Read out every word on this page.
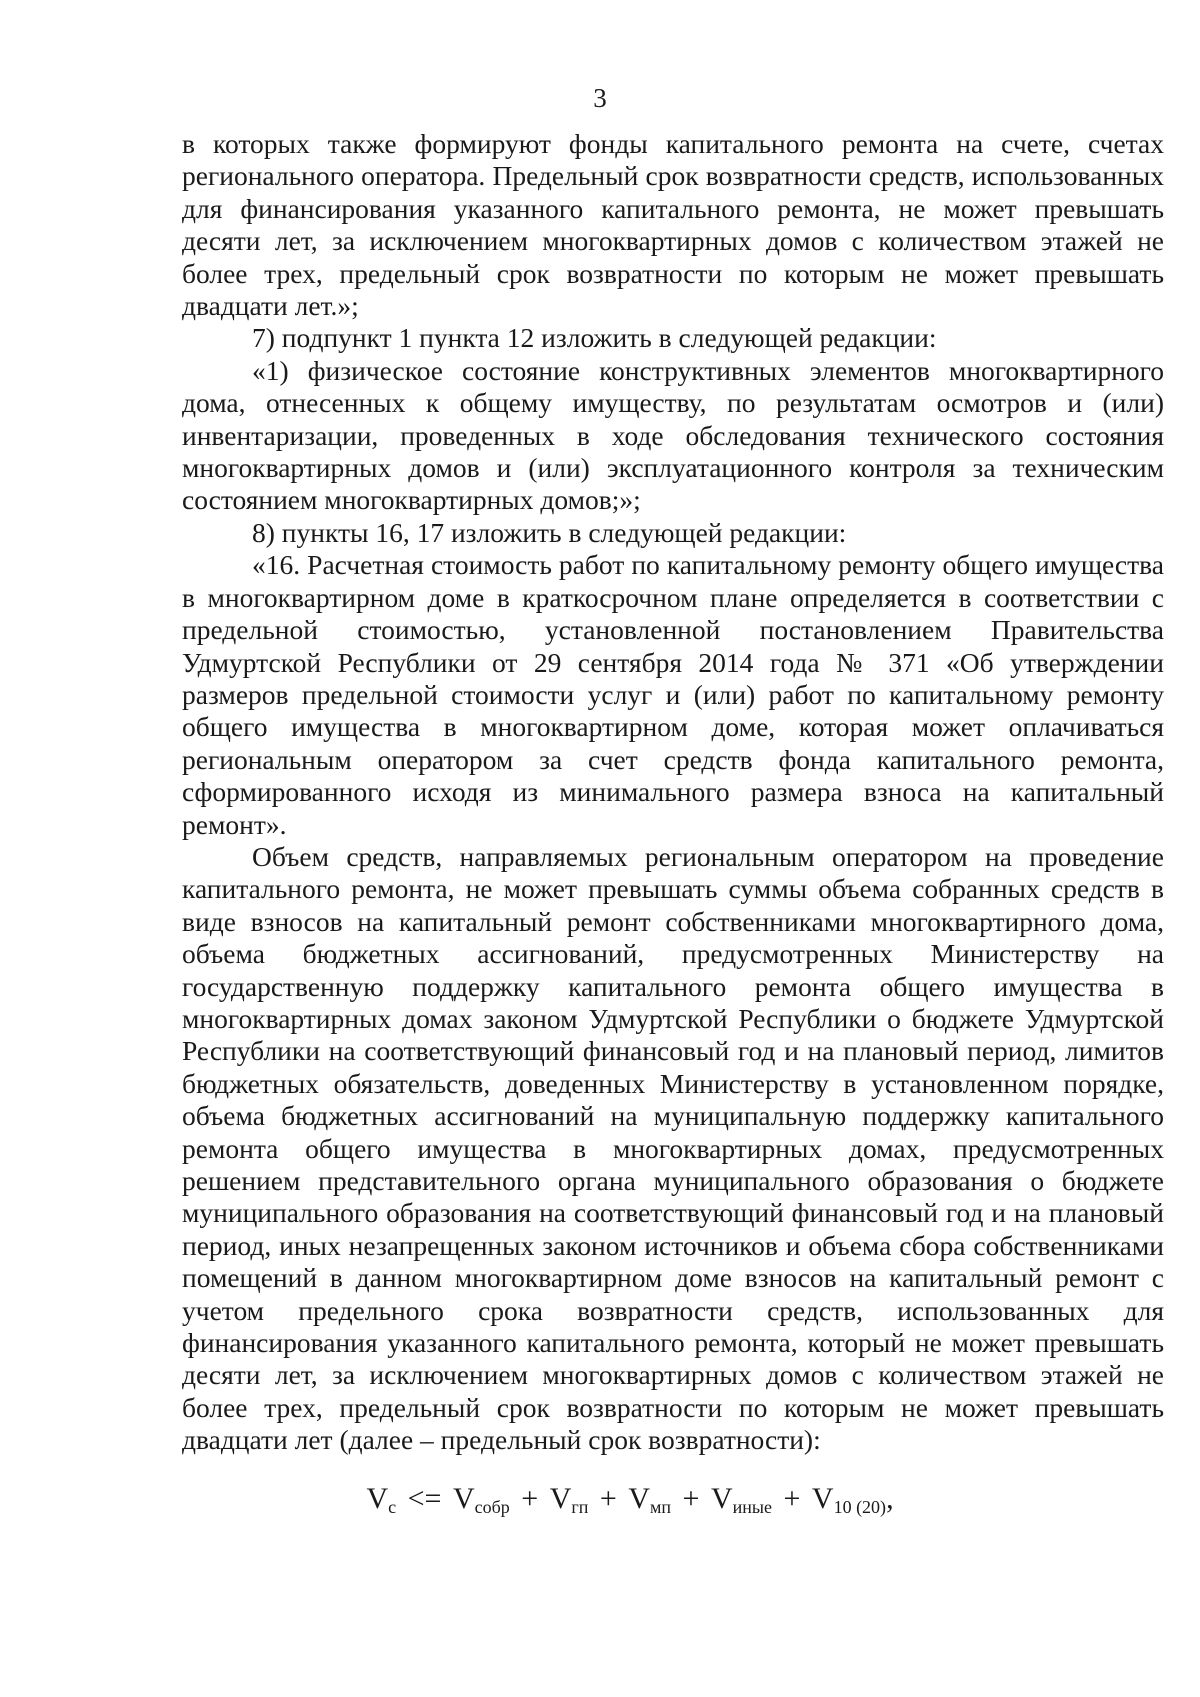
3

в которых также формируют фонды капитального ремонта на счете, счетах регионального оператора. Предельный срок возвратности средств, использованных для финансирования указанного капитального ремонта, не может превышать десяти лет, за исключением многоквартирных домов с количеством этажей не более трех, предельный срок возвратности по которым не может превышать двадцати лет.»;

7) подпункт 1 пункта 12 изложить в следующей редакции:

«1) физическое состояние конструктивных элементов многоквартирного дома, отнесенных к общему имуществу, по результатам осмотров и (или) инвентаризации, проведенных в ходе обследования технического состояния многоквартирных домов и (или) эксплуатационного контроля за техническим состоянием многоквартирных домов;»;

8) пункты 16, 17 изложить в следующей редакции:

«16. Расчетная стоимость работ по капитальному ремонту общего имущества в многоквартирном доме в краткосрочном плане определяется в соответствии с предельной стоимостью, установленной постановлением Правительства Удмуртской Республики от 29 сентября 2014 года № 371 «Об утверждении размеров предельной стоимости услуг и (или) работ по капитальному ремонту общего имущества в многоквартирном доме, которая может оплачиваться региональным оператором за счет средств фонда капитального ремонта, сформированного исходя из минимального размера взноса на капитальный ремонт».

Объем средств, направляемых региональным оператором на проведение капитального ремонта, не может превышать суммы объема собранных средств в виде взносов на капитальный ремонт собственниками многоквартирного дома, объема бюджетных ассигнований, предусмотренных Министерству на государственную поддержку капитального ремонта общего имущества в многоквартирных домах законом Удмуртской Республики о бюджете Удмуртской Республики на соответствующий финансовый год и на плановый период, лимитов бюджетных обязательств, доведенных Министерству в установленном порядке, объема бюджетных ассигнований на муниципальную поддержку капитального ремонта общего имущества в многоквартирных домах, предусмотренных решением представительного органа муниципального образования о бюджете муниципального образования на соответствующий финансовый год и на плановый период, иных незапрещенных законом источников и объема сбора собственниками помещений в данном многоквартирном доме взносов на капитальный ремонт с учетом предельного срока возвратности средств, использованных для финансирования указанного капитального ремонта, который не может превышать десяти лет, за исключением многоквартирных домов с количеством этажей не более трех, предельный срок возвратности по которым не может превышать двадцати лет (далее – предельный срок возвратности):

$V_с <= V_{собр} + V_{гп} + V_{мп} + V_{иные} + V_{10 (20)}$,
